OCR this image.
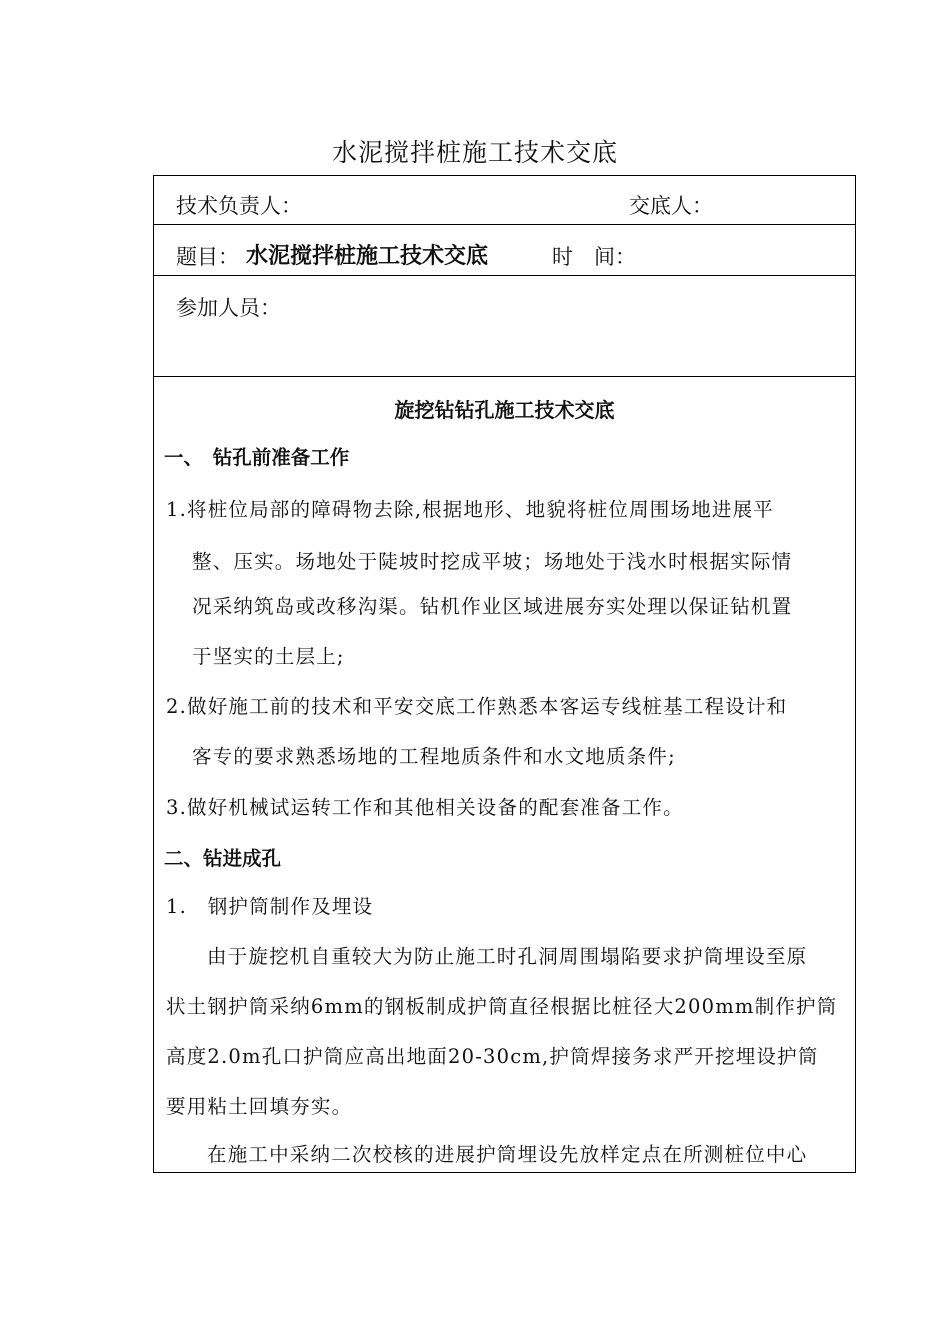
水泥搅拌桩施工技术交底
技术负责人：	交底人：
题目： 水泥搅拌桩施工技术交底	时　间：
参加人员：
旋挖钻钻孔施工技术交底
一、　钻孔前准备工作
1.将桩位局部的障碍物去除,根据地形、地貌将桩位周围场地进展平
整、压实。场地处于陡坡时挖成平坡；场地处于浅水时根据实际情
况采纳筑岛或改移沟渠。钻机作业区域进展夯实处理以保证钻机置
于坚实的土层上;
2.做好施工前的技术和平安交底工作熟悉本客运专线桩基工程设计和
客专的要求熟悉场地的工程地质条件和水文地质条件;
3.做好机械试运转工作和其他相关设备的配套准备工作。
二、钻进成孔
1.　钢护筒制作及埋设
由于旋挖机自重较大为防止施工时孔洞周围塌陷要求护筒埋设至原
状土钢护筒采纳6mm的钢板制成护筒直径根据比桩径大200mm制作护筒
高度2.0m孔口护筒应高出地面20-30cm,护筒焊接务求严开挖埋设护筒
要用粘土回填夯实。
在施工中采纳二次校核的进展护筒埋设先放样定点在所测桩位中心
